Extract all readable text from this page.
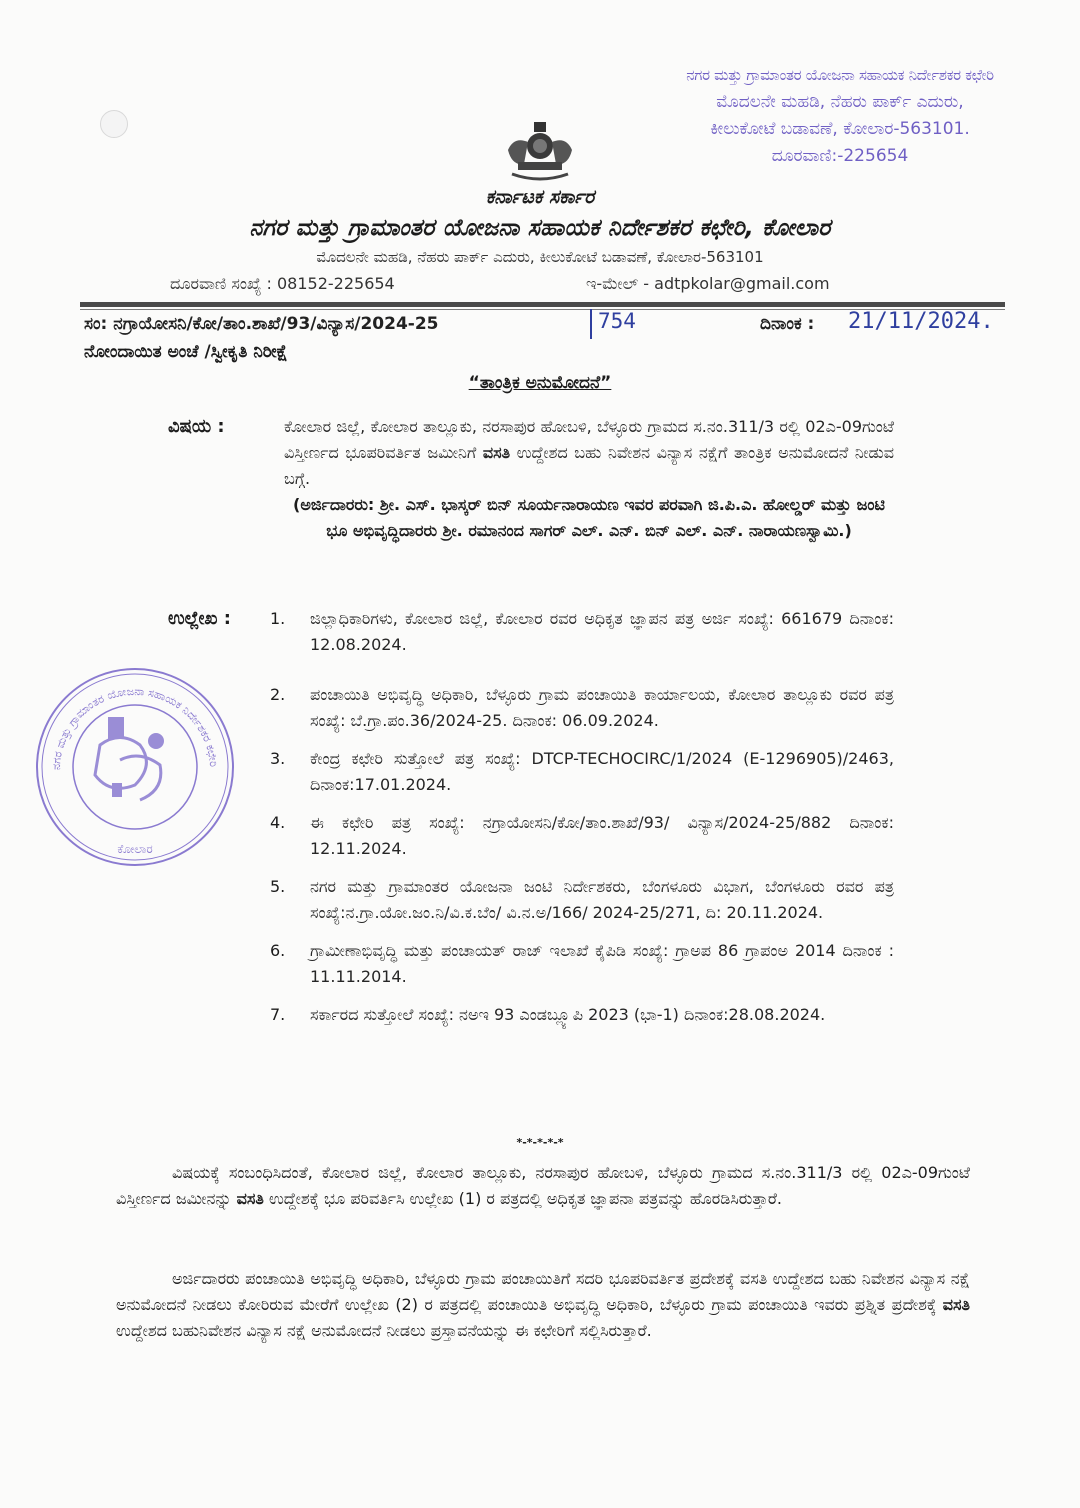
ನಗರ ಮತ್ತು ಗ್ರಾಮಾಂತರ ಯೋಜನಾ ಸಹಾಯಕ ನಿರ್ದೇಶಕರ ಕಛೇರಿ
ಮೊದಲನೇ ಮಹಡಿ, ನೆಹರು ಪಾರ್ಕ್ ಎದುರು,
ಕೀಲುಕೋಟೆ ಬಡಾವಣೆ, ಕೋಲಾರ-563101.
ದೂರವಾಣಿ:-225654
ಕರ್ನಾಟಕ ಸರ್ಕಾರ
ನಗರ ಮತ್ತು ಗ್ರಾಮಾಂತರ ಯೋಜನಾ ಸಹಾಯಕ ನಿರ್ದೇಶಕರ ಕಛೇರಿ, ಕೋಲಾರ
ಮೊದಲನೇ ಮಹಡಿ, ನೆಹರು ಪಾರ್ಕ್ ಎದುರು, ಕೀಲುಕೋಟೆ ಬಡಾವಣೆ, ಕೋಲಾರ-563101
ದೂರವಾಣಿ ಸಂಖ್ಯೆ : 08152-225654	ಇ-ಮೇಲ್ - adtpkolar@gmail.com
ಸಂ: ನಗ್ರಾಯೋಸನಿ/ಕೋ/ತಾಂ.ಶಾಖೆ/93/ವಿನ್ಯಾಸ/2024-25	754	ದಿನಾಂಕ : 21/11/2024.
ನೋಂದಾಯಿತ ಅಂಚೆ /ಸ್ವೀಕೃತಿ ನಿರೀಕ್ಷೆ
“ತಾಂತ್ರಿಕ ಅನುಮೋದನೆ”
ವಿಷಯ :	ಕೋಲಾರ ಜಿಲ್ಲೆ, ಕೋಲಾರ ತಾಲ್ಲೂಕು, ನರಸಾಪುರ ಹೋಬಳಿ, ಬೆಳ್ಳೂರು ಗ್ರಾಮದ ಸ.ನಂ.311/3 ರಲ್ಲಿ 02ಎ-09ಗುಂಟೆ ವಿಸ್ತೀರ್ಣದ ಭೂಪರಿವರ್ತಿತ ಜಮೀನಿಗೆ ವಸತಿ ಉದ್ದೇಶದ ಬಹು ನಿವೇಶನ ವಿನ್ಯಾಸ ನಕ್ಷೆಗೆ ತಾಂತ್ರಿಕ ಅನುಮೋದನೆ ನೀಡುವ ಬಗ್ಗೆ.
(ಅರ್ಜಿದಾರರು: ಶ್ರೀ. ಎಸ್. ಭಾಸ್ಕರ್ ಬಿನ್ ಸೂರ್ಯನಾರಾಯಣ ಇವರ ಪರವಾಗಿ ಜಿ.ಪಿ.ಎ. ಹೋಲ್ಡರ್ ಮತ್ತು ಜಂಟಿ ಭೂ ಅಭಿವೃದ್ಧಿದಾರರು ಶ್ರೀ. ರಮಾನಂದ ಸಾಗರ್ ಎಲ್. ಎನ್. ಬಿನ್ ಎಲ್. ಎನ್. ನಾರಾಯಣಸ್ವಾಮಿ.)
ಉಲ್ಲೇಖ : 1.	ಜಿಲ್ಲಾಧಿಕಾರಿಗಳು, ಕೋಲಾರ ಜಿಲ್ಲೆ, ಕೋಲಾರ ರವರ ಅಧಿಕೃತ ಜ್ಞಾಪನ ಪತ್ರ ಅರ್ಜಿ ಸಂಖ್ಯೆ: 661679 ದಿನಾಂಕ: 12.08.2024.
2.	ಪಂಚಾಯಿತಿ ಅಭಿವೃದ್ಧಿ ಅಧಿಕಾರಿ, ಬೆಳ್ಳೂರು ಗ್ರಾಮ ಪಂಚಾಯಿತಿ ಕಾರ್ಯಾಲಯ, ಕೋಲಾರ ತಾಲ್ಲೂಕು ರವರ ಪತ್ರ ಸಂಖ್ಯೆ: ಬೆ.ಗ್ರಾ.ಪಂ.36/2024-25. ದಿನಾಂಕ: 06.09.2024.
3.	ಕೇಂದ್ರ ಕಛೇರಿ ಸುತ್ತೋಲೆ ಪತ್ರ ಸಂಖ್ಯೆ: DTCP-TECHOCIRC/1/2024 (E-1296905)/2463, ದಿನಾಂಕ:17.01.2024.
4.	ಈ ಕಛೇರಿ ಪತ್ರ ಸಂಖ್ಯೆ: ನಗ್ರಾಯೋಸನಿ/ಕೋ/ತಾಂ.ಶಾಖೆ/93/ ವಿನ್ಯಾಸ/2024-25/882 ದಿನಾಂಕ: 12.11.2024.
5.	ನಗರ ಮತ್ತು ಗ್ರಾಮಾಂತರ ಯೋಜನಾ ಜಂಟಿ ನಿರ್ದೇಶಕರು, ಬೆಂಗಳೂರು ವಿಭಾಗ, ಬೆಂಗಳೂರು ರವರ ಪತ್ರ ಸಂಖ್ಯೆ:ನ.ಗ್ರಾ.ಯೋ.ಜಂ.ನಿ/ವಿ.ಕ.ಬೆಂ/ ವಿ.ನ.ಅ/166/ 2024-25/271, ದಿ: 20.11.2024.
6.	ಗ್ರಾಮೀಣಾಭಿವೃದ್ಧಿ ಮತ್ತು ಪಂಚಾಯತ್ ರಾಜ್ ಇಲಾಖೆ ಕೈಪಿಡಿ ಸಂಖ್ಯೆ: ಗ್ರಾಅಪ 86 ಗ್ರಾಪಂಅ 2014 ದಿನಾಂಕ : 11.11.2014.
7.	ಸರ್ಕಾರದ ಸುತ್ತೋಲೆ ಸಂಖ್ಯೆ: ನಅಇ 93 ಎಂಡಬ್ಲ್ಯೂಪಿ 2023 (ಭಾ-1) ದಿನಾಂಕ:28.08.2024.
ನಗರ ಮತ್ತು ಗ್ರಾಮಾಂತರ ಯೋಜನಾ ಸಹಾಯಕ ನಿರ್ದೇಶಕರ ಕಛೇರಿ
ಕೋಲಾರ
*-*-*-*-*
ವಿಷಯಕ್ಕೆ ಸಂಬಂಧಿಸಿದಂತೆ, ಕೋಲಾರ ಜಿಲ್ಲೆ, ಕೋಲಾರ ತಾಲ್ಲೂಕು, ನರಸಾಪುರ ಹೋಬಳಿ, ಬೆಳ್ಳೂರು ಗ್ರಾಮದ ಸ.ನಂ.311/3 ರಲ್ಲಿ 02ಎ-09ಗುಂಟೆ ವಿಸ್ತೀರ್ಣದ ಜಮೀನನ್ನು ವಸತಿ ಉದ್ದೇಶಕ್ಕೆ ಭೂ ಪರಿವರ್ತಿಸಿ ಉಲ್ಲೇಖ (1) ರ ಪತ್ರದಲ್ಲಿ ಅಧಿಕೃತ ಜ್ಞಾಪನಾ ಪತ್ರವನ್ನು ಹೊರಡಿಸಿರುತ್ತಾರೆ.
ಅರ್ಜಿದಾರರು ಪಂಚಾಯಿತಿ ಅಭಿವೃದ್ಧಿ ಅಧಿಕಾರಿ, ಬೆಳ್ಳೂರು ಗ್ರಾಮ ಪಂಚಾಯಿತಿಗೆ ಸದರಿ ಭೂಪರಿವರ್ತಿತ ಪ್ರದೇಶಕ್ಕೆ ವಸತಿ ಉದ್ದೇಶದ ಬಹು ನಿವೇಶನ ವಿನ್ಯಾಸ ನಕ್ಷೆ ಅನುಮೋದನೆ ನೀಡಲು ಕೋರಿರುವ ಮೇರೆಗೆ ಉಲ್ಲೇಖ (2) ರ ಪತ್ರದಲ್ಲಿ ಪಂಚಾಯಿತಿ ಅಭಿವೃದ್ಧಿ ಅಧಿಕಾರಿ, ಬೆಳ್ಳೂರು ಗ್ರಾಮ ಪಂಚಾಯಿತಿ ಇವರು ಪ್ರಶ್ನಿತ ಪ್ರದೇಶಕ್ಕೆ ವಸತಿ ಉದ್ದೇಶದ ಬಹುನಿವೇಶನ ವಿನ್ಯಾಸ ನಕ್ಷೆ ಅನುಮೋದನೆ ನೀಡಲು ಪ್ರಸ್ತಾವನೆಯನ್ನು ಈ ಕಛೇರಿಗೆ ಸಲ್ಲಿಸಿರುತ್ತಾರೆ.
